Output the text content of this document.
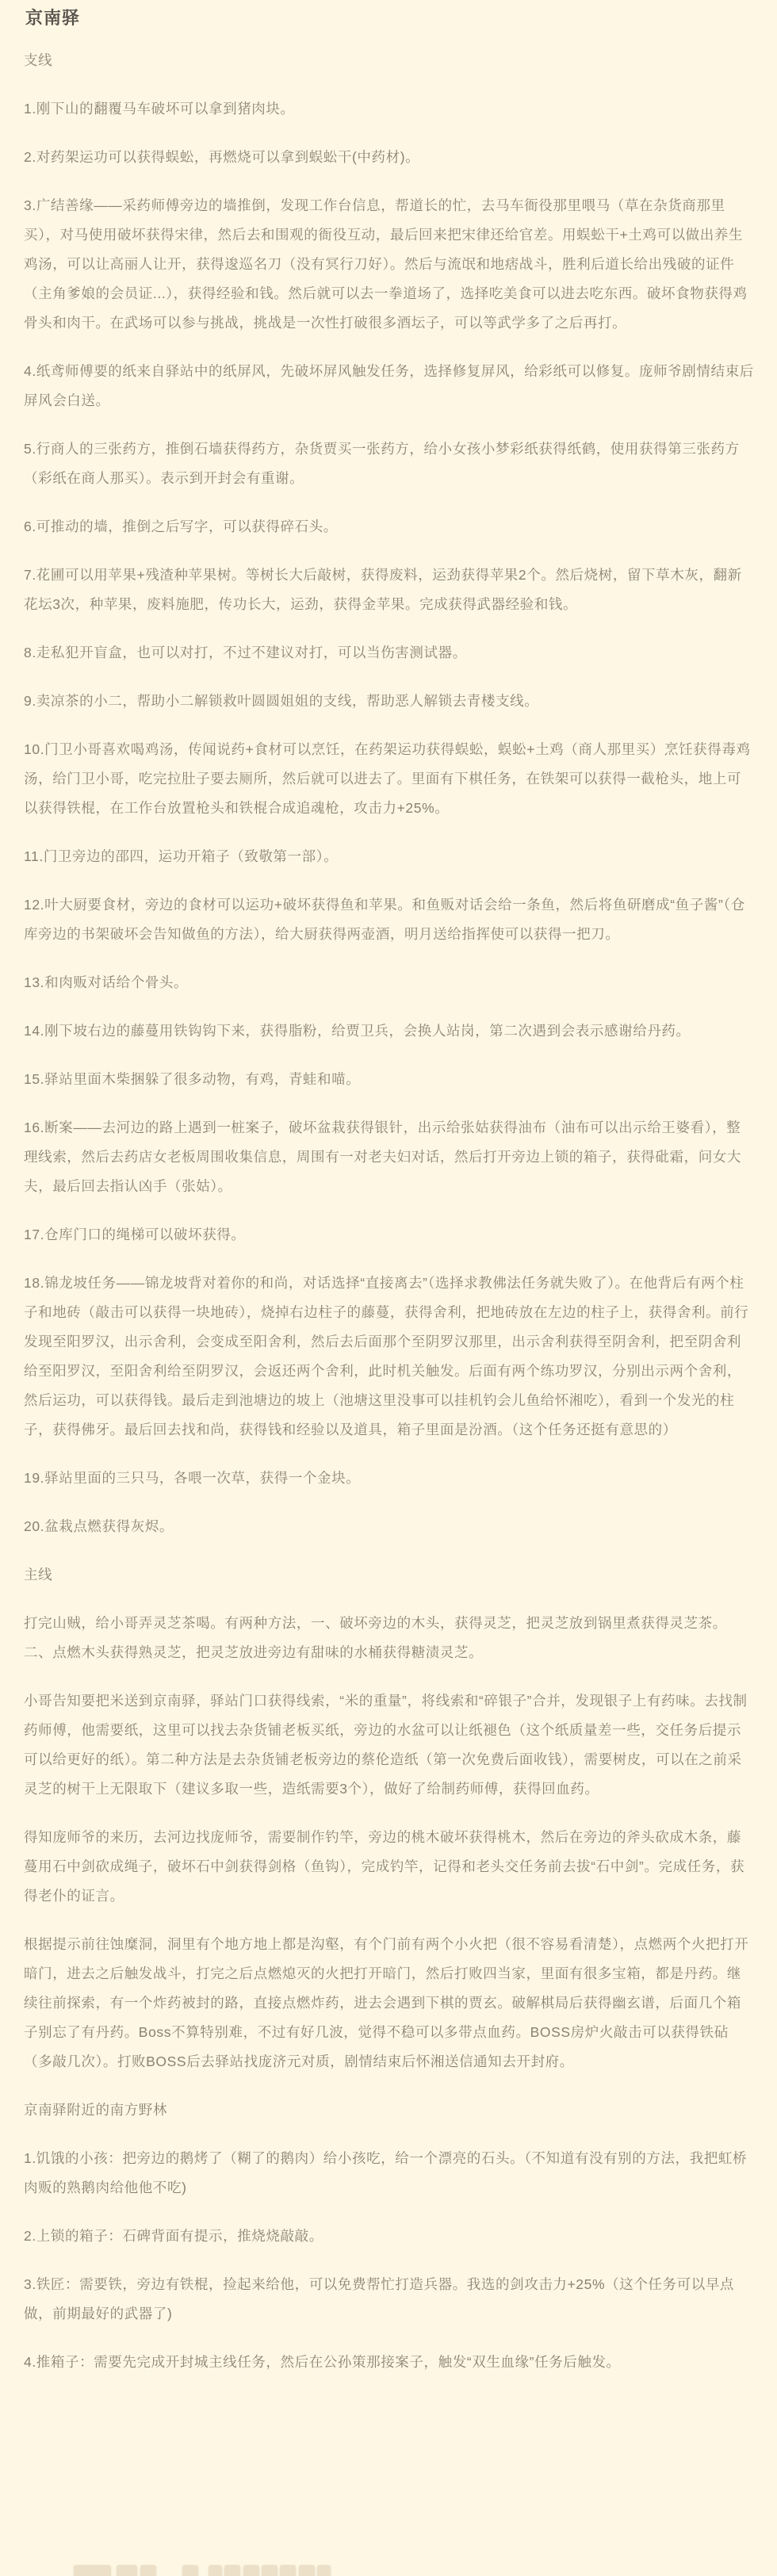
京南驿

支线

1.刚下山的翻覆马车破坏可以拿到猪肉块。

2.对药架运功可以获得蜈蚣，再燃烧可以拿到蜈蚣干(中药材)。

3.广结善缘——采药师傅旁边的墙推倒，发现工作台信息，帮道长的忙，去马车衙役那里喂马（草在杂货商那里买），对马使用破坏获得宋律，然后去和围观的衙役互动，最后回来把宋律还给官差。用蜈蚣干+土鸡可以做出养生鸡汤，可以让高丽人让开，获得逡巡名刀（没有冥行刀好）。然后与流氓和地痞战斗，胜利后道长给出残破的证件（主角爹娘的会员证...），获得经验和钱。然后就可以去一拳道场了，选择吃美食可以进去吃东西。破坏食物获得鸡骨头和肉干。在武场可以参与挑战，挑战是一次性打破很多酒坛子，可以等武学多了之后再打。

4.纸鸢师傅要的纸来自驿站中的纸屏风，先破坏屏风触发任务，选择修复屏风，给彩纸可以修复。庞师爷剧情结束后屏风会白送。

5.行商人的三张药方，推倒石墙获得药方，杂货贾买一张药方，给小女孩小梦彩纸获得纸鹤，使用获得第三张药方（彩纸在商人那买）。表示到开封会有重谢。

6.可推动的墙，推倒之后写字，可以获得碎石头。

7.花圃可以用苹果+残渣种苹果树。等树长大后敲树，获得废料，运劲获得苹果2个。然后烧树，留下草木灰，翻新花坛3次，种苹果，废料施肥，传功长大，运劲，获得金苹果。完成获得武器经验和钱。

8.走私犯开盲盒，也可以对打，不过不建议对打，可以当伤害测试器。

9.卖凉茶的小二，帮助小二解锁救叶圆圆姐姐的支线，帮助恶人解锁去青楼支线。

10.门卫小哥喜欢喝鸡汤，传闻说药+食材可以烹饪，在药架运功获得蜈蚣，蜈蚣+土鸡（商人那里买）烹饪获得毒鸡汤，给门卫小哥，吃完拉肚子要去厕所，然后就可以进去了。里面有下棋任务，在铁架可以获得一截枪头，地上可以获得铁棍，在工作台放置枪头和铁棍合成追魂枪，攻击力+25%。

11.门卫旁边的邵四，运功开箱子（致敬第一部）。

12.叶大厨要食材，旁边的食材可以运功+破坏获得鱼和苹果。和鱼贩对话会给一条鱼，然后将鱼研磨成“鱼子酱”（仓库旁边的书架破坏会告知做鱼的方法），给大厨获得两壶酒，明月送给指挥使可以获得一把刀。

13.和肉贩对话给个骨头。

14.刚下坡右边的藤蔓用铁钩钩下来，获得脂粉，给贾卫兵，会换人站岗，第二次遇到会表示感谢给丹药。

15.驿站里面木柴捆躲了很多动物，有鸡，青蛙和喵。

16.断案——去河边的路上遇到一桩案子，破坏盆栽获得银针，出示给张姑获得油布（油布可以出示给王婆看），整理线索，然后去药店女老板周围收集信息，周围有一对老夫妇对话，然后打开旁边上锁的箱子，获得砒霜，问女大夫，最后回去指认凶手（张姑）。

17.仓库门口的绳梯可以破坏获得。

18.锦龙坡任务——锦龙坡背对着你的和尚，对话选择“直接离去”（选择求教佛法任务就失败了）。在他背后有两个柱子和地砖（敲击可以获得一块地砖），烧掉右边柱子的藤蔓，获得舍利，把地砖放在左边的柱子上，获得舍利。前行发现至阳罗汉，出示舍利，会变成至阳舍利，然后去后面那个至阴罗汉那里，出示舍利获得至阴舍利，把至阴舍利给至阳罗汉，至阳舍利给至阴罗汉，会返还两个舍利，此时机关触发。后面有两个练功罗汉，分别出示两个舍利，然后运功，可以获得钱。最后走到池塘边的坡上（池塘这里没事可以挂机钓会儿鱼给怀湘吃），看到一个发光的柱子，获得佛牙。最后回去找和尚，获得钱和经验以及道具，箱子里面是汾酒。（这个任务还挺有意思的）

19.驿站里面的三只马，各喂一次草，获得一个金块。

20.盆栽点燃获得灰烬。

主线

打完山贼，给小哥弄灵芝茶喝。有两种方法，一、破坏旁边的木头，获得灵芝，把灵芝放到锅里煮获得灵芝茶。二、点燃木头获得熟灵芝，把灵芝放进旁边有甜味的水桶获得糖渍灵芝。

小哥告知要把米送到京南驿，驿站门口获得线索，“米的重量”，将线索和“碎银子”合并，发现银子上有药味。去找制药师傅，他需要纸，这里可以找去杂货铺老板买纸，旁边的水盆可以让纸褪色（这个纸质量差一些，交任务后提示可以给更好的纸）。第二种方法是去杂货铺老板旁边的蔡伦造纸（第一次免费后面收钱），需要树皮，可以在之前采灵芝的树干上无限取下（建议多取一些，造纸需要3个），做好了给制药师傅，获得回血药。

得知庞师爷的来历，去河边找庞师爷，需要制作钓竿，旁边的桃木破坏获得桃木，然后在旁边的斧头砍成木条，藤蔓用石中剑砍成绳子，破坏石中剑获得剑格（鱼钩），完成钓竿，记得和老头交任务前去拔“石中剑”。完成任务，获得老仆的证言。

根据提示前往蚀糜洞，洞里有个地方地上都是沟壑，有个门前有两个小火把（很不容易看清楚），点燃两个火把打开暗门，进去之后触发战斗，打完之后点燃熄灭的火把打开暗门，然后打败四当家，里面有很多宝箱，都是丹药。继续往前探索，有一个炸药被封的路，直接点燃炸药，进去会遇到下棋的贾玄。破解棋局后获得幽玄谱，后面几个箱子别忘了有丹药。Boss不算特别难，不过有好几波，觉得不稳可以多带点血药。BOSS房炉火敲击可以获得铁砧（多敲几次）。打败BOSS后去驿站找庞济元对质，剧情结束后怀湘送信通知去开封府。

京南驿附近的南方野林

1.饥饿的小孩：把旁边的鹅烤了（糊了的鹅肉）给小孩吃，给一个漂亮的石头。（不知道有没有别的方法，我把虹桥肉贩的熟鹅肉给他他不吃)

2.上锁的箱子：石碑背面有提示，推烧烧敲敲。

3.铁匠：需要铁，旁边有铁棍，捡起来给他，可以免费帮忙打造兵器。我选的剑攻击力+25%（这个任务可以早点做，前期最好的武器了)

4.推箱子：需要先完成开封城主线任务，然后在公孙策那接案子，触发“双生血缘”任务后触发。
